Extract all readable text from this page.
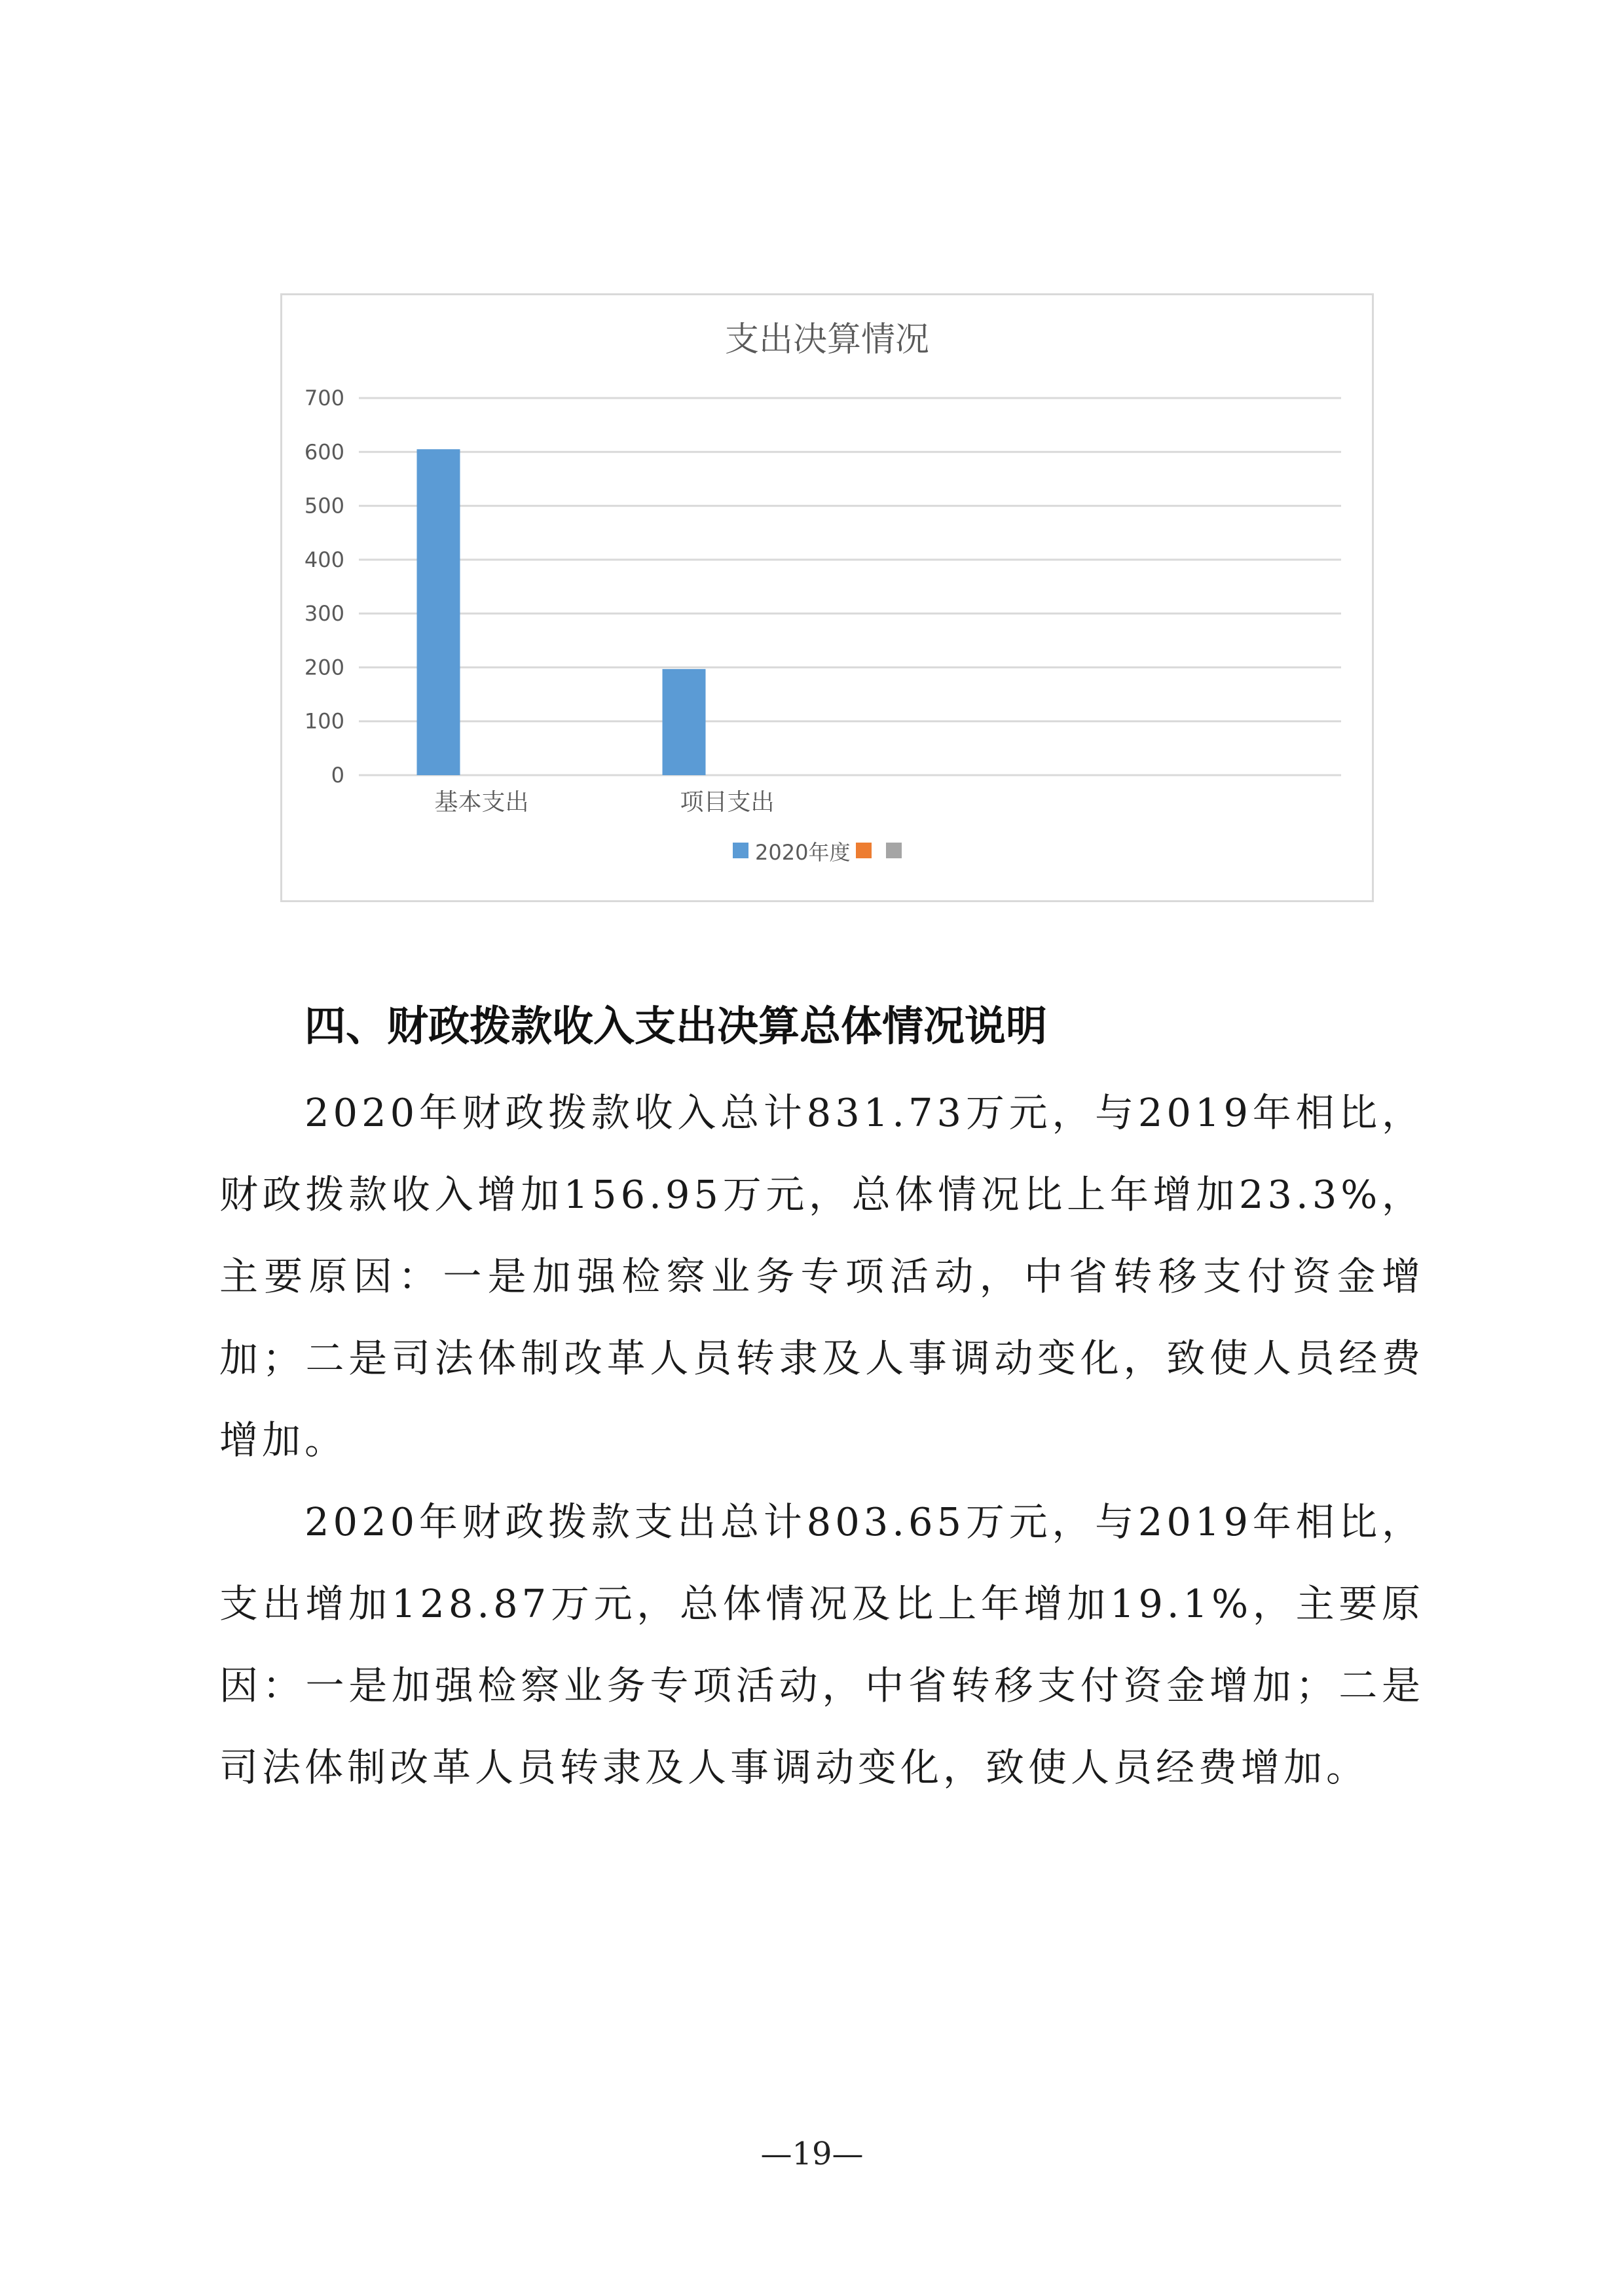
支出决算情况
0
100
200
300
400
500
600
700
基本支出	项目支出
2020年度
四、财政拨款收入支出决算总体情况说明

2020年财政拨款收入总计831.73万元，与2019年相比，财政拨款收入增加156.95万元，总体情况比上年增加23.3%，主要原因：一是加强检察业务专项活动，中省转移支付资金增加；二是司法体制改革人员转隶及人事调动变化，致使人员经费增加。

2020年财政拨款支出总计803.65万元，与2019年相比，支出增加128.87万元，总体情况及比上年增加19.1%，主要原因：一是加强检察业务专项活动，中省转移支付资金增加；二是司法体制改革人员转隶及人事调动变化，致使人员经费增加。

—19—
